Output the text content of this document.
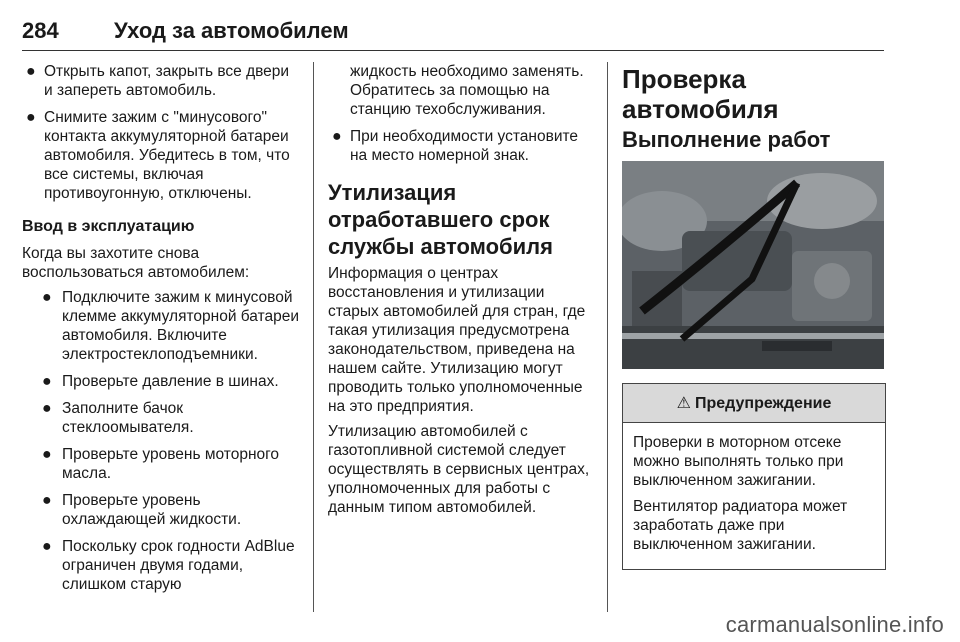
284	Уход за автомобилем
● Открыть капот, закрыть все двери и запереть автомобиль.
● Снимите зажим с "минусового" контакта аккумуляторной батареи автомобиля. Убедитесь в том, что все системы, включая противоугонную, отключены.
Ввод в эксплуатацию

Когда вы захотите снова воспользоваться автомобилем:

● Подключите зажим к минусовой клемме аккумуляторной батареи автомобиля. Включите электростеклоподъемники.
● Проверьте давление в шинах.
● Заполните бачок стеклоомывателя.
● Проверьте уровень моторного масла.
● Проверьте уровень охлаждающей жидкости.
● Поскольку срок годности AdBlue ограничен двумя годами, слишком старую
жидкость необходимо заменять. Обратитесь за помощью на станцию техобслуживания.
● При необходимости установите на место номерной знак.
Утилизация отработавшего срок службы автомобиля

Информация о центрах восстановления и утилизации старых автомобилей для стран, где такая утилизация предусмотрена законодательством, приведена на нашем сайте. Утилизацию могут проводить только уполномоченные на это предприятия.

Утилизацию автомобилей с газотопливной системой следует осуществлять в сервисных центрах, уполномоченных для работы с данным типом автомобилей.

Проверка автомобиля
Выполнение работ
⚠ Предупреждение

Проверки в моторном отсеке можно выполнять только при выключенном зажигании.

Вентилятор радиатора может заработать даже при выключенном зажигании.

carmanualsonline.info
